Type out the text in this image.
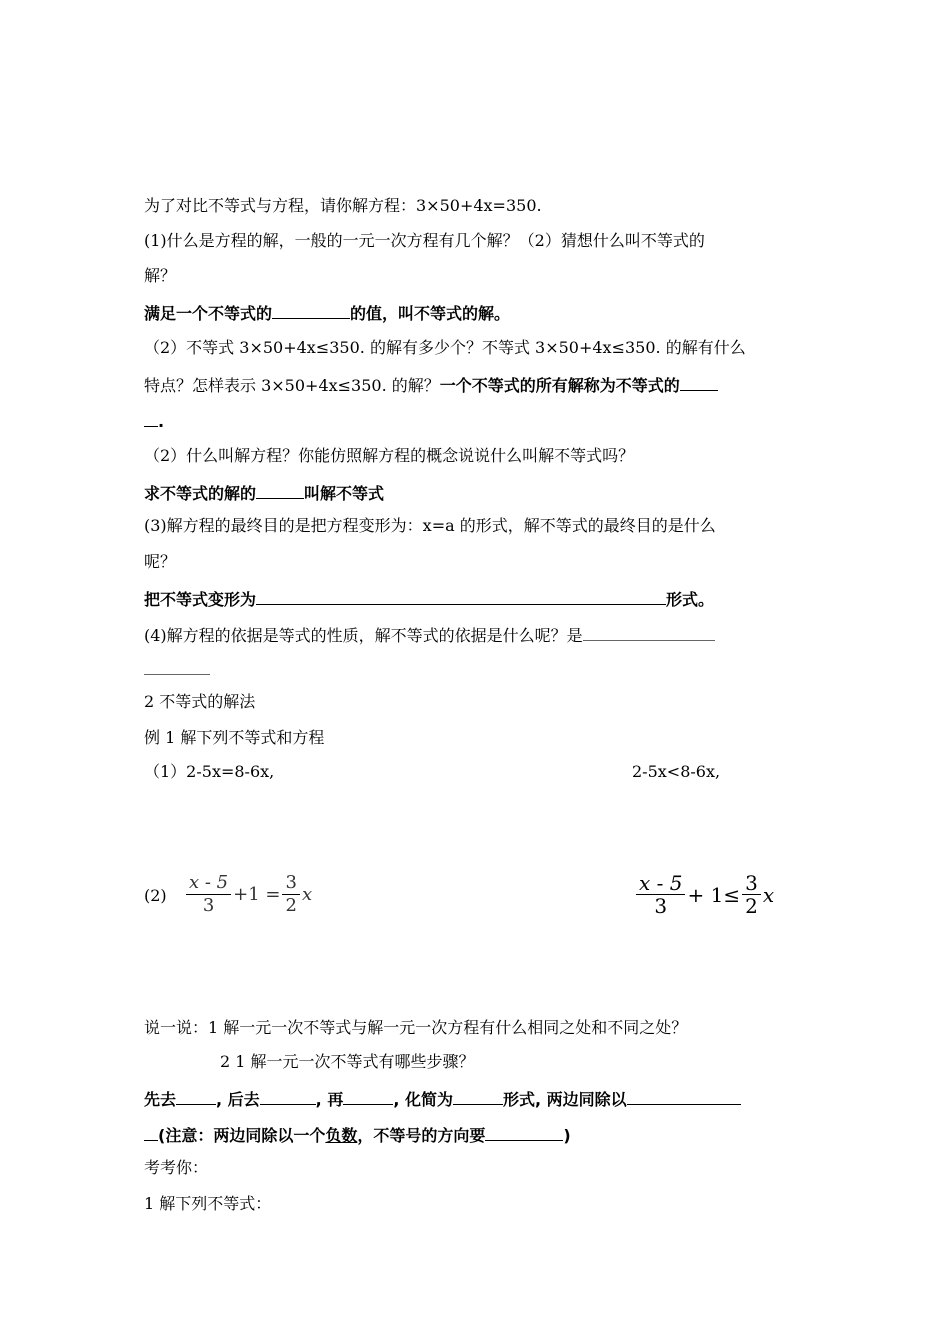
为了对比不等式与方程，请你解方程：3×50+4x=350.
(1)什么是方程的解，一般的一元一次方程有几个解？（2）猜想什么叫不等式的
解？
满足一个不等式的	的值，叫不等式的解。
（2）不等式 3×50+4x≤350. 的解有多少个？不等式 3×50+4x≤350. 的解有什么
特点？怎样表示 3×50+4x≤350. 的解？一个不等式的所有解称为不等式的
.
（2）什么叫解方程？你能仿照解方程的概念说说什么叫解不等式吗？
求不等式的解的	叫解不等式
(3)解方程的最终目的是把方程变形为：x=a 的形式，解不等式的最终目的是什么
呢？
把不等式变形为	形式。
(4)解方程的依据是等式的性质，解不等式的依据是什么呢？是
2 不等式的解法
例 1 解下列不等式和方程
（1）2-5x=8-6x,	2-5x<8-6x,
$(2) \frac{x - 5}{3} +1 = \frac{3}{2}$ x	$\frac{x - 5}{3} + 1\le \frac{3}{2}$ x
说一说：1 解一元一次不等式与解一元一次方程有什么相同之处和不同之处？
2 1 解一元一次不等式有哪些步骤？
先去	, 后去	, 再	, 化简为	形式, 两边同除以
(注意：两边同除以一个负数，不等号的方向要	)
考考你：
1 解下列不等式：
